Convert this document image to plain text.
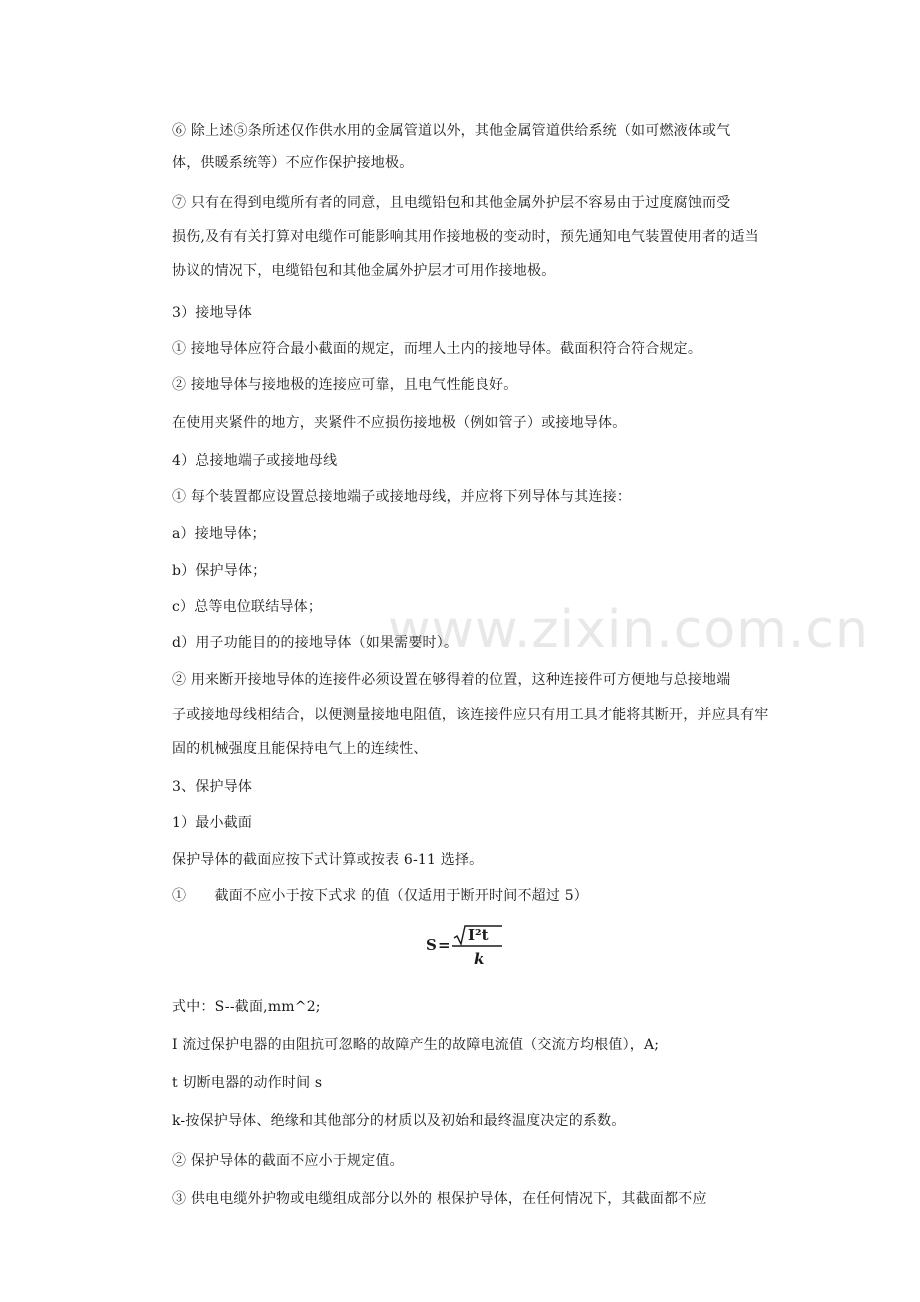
www.zixin.com.cn
⑥ 除上述⑤条所述仅作供水用的金属管道以外，其他金属管道供给系统（如可燃液体或气
体，供暖系统等）不应作保护接地极。
⑦ 只有在得到电缆所有者的同意，且电缆铅包和其他金属外护层不容易由于过度腐蚀而受
损伤,及有有关打算对电缆作可能影响其用作接地极的变动时，预先通知电气装置使用者的适当
协议的情况下，电缆铅包和其他金属外护层才可用作接地极。
3）接地导体
① 接地导体应符合最小截面的规定，而埋人土内的接地导体。截面积符合符合规定。
② 接地导体与接地极的连接应可靠，且电气性能良好。
在使用夹紧件的地方，夹紧件不应损伤接地极（例如管子）或接地导体。
4）总接地端子或接地母线
① 每个装置都应设置总接地端子或接地母线，并应将下列导体与其连接：
a）接地导体；
b）保护导体；
c）总等电位联结导体；
d）用子功能目的的接地导体（如果需要时）。
② 用来断开接地导体的连接件必须设置在够得着的位置，这种连接件可方便地与总接地端
子或接地母线相结合，以便测量接地电阻值，该连接件应只有用工具才能将其断开，并应具有牢
固的机械强度且能保持电气上的连续性、
3、保护导体
1）最小截面
保护导体的截面应按下式计算或按表 6-11 选择。
①　　截面不应小于按下式求 的值（仅适用于断开时间不超过 5）
S =
I²t
k
式中：S--截面,mm^2;
I 流过保护电器的由阻抗可忽略的故障产生的故障电流值（交流方均根值），A;
t 切断电器的动作时间 s
k-按保护导体、绝缘和其他部分的材质以及初始和最终温度决定的系数。
② 保护导体的截面不应小于规定值。
③ 供电电缆外护物或电缆组成部分以外的 根保护导体，在任何情况下，其截面都不应
